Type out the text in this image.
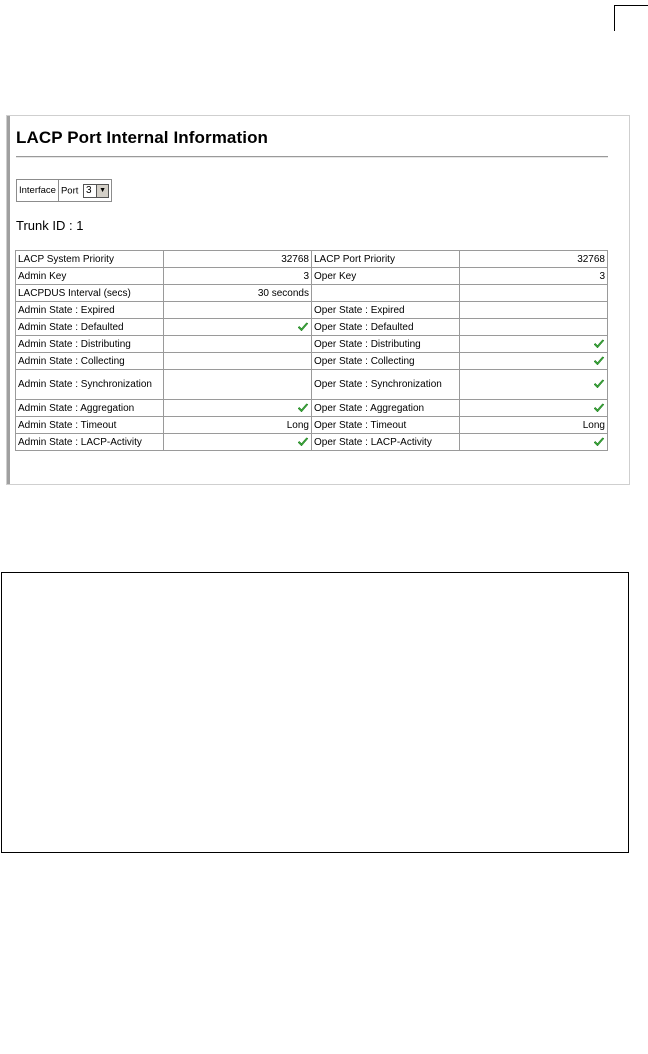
LACP Port Internal Information
Interface	Port 3	▼
Trunk ID : 1
LACP System Priority	32768	LACP Port Priority	32768
Admin Key	3	Oper Key	3
LACPDUS Interval (secs)	30 seconds		
Admin State : Expired		Oper State : Expired	
Admin State : Defaulted		Oper State : Defaulted	
Admin State : Distributing		Oper State : Distributing	
Admin State : Collecting		Oper State : Collecting	
Admin State : Synchronization		Oper State : Synchronization	
Admin State : Aggregation		Oper State : Aggregation	
Admin State : Timeout	Long	Oper State : Timeout	Long
Admin State : LACP-Activity		Oper State : LACP-Activity	
